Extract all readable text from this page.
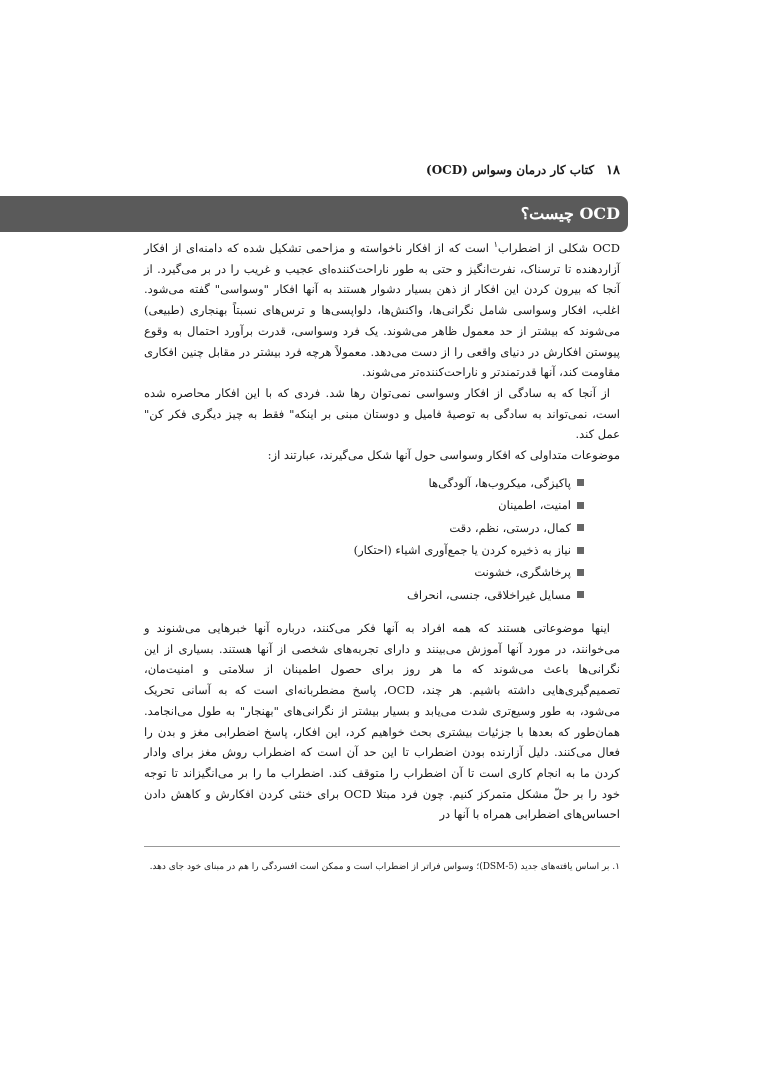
۱۸
کتاب کار درمان وسواس (OCD)
OCD چیست؟

OCD شکلی از اضطراب$^۱$ است که از افکار ناخواسته و مزاحمی تشکیل شده که دامنه‌ای از افکار آزاردهنده تا ترسناک، نفرت‌انگیز و حتی به طور ناراحت‌کننده‌ای عجیب و غریب را در بر می‌گیرد. از آنجا که بیرون کردن این افکار از ذهن بسیار دشوار هستند به آنها افکار "وسواسی" گفته می‌شود. اغلب، افکار وسواسی شامل نگرانی‌ها، واکنش‌ها، دلواپسی‌ها و ترس‌های نسبتاً بهنجاری (طبیعی) می‌شوند که بیشتر از حد معمول ظاهر می‌شوند. یک فرد وسواسی، قدرت برآورد احتمال به وقوع پیوستن افکارش در دنیای واقعی را از دست می‌دهد. معمولاً هرچه فرد بیشتر در مقابل چنین افکاری مقاومت کند، آنها قدرتمندتر و ناراحت‌کننده‌تر می‌شوند.

از آنجا که به سادگی از افکار وسواسی نمی‌توان رها شد. فردی که با این افکار محاصره شده است، نمی‌تواند به سادگی به توصیهٔ فامیل و دوستان مبنی بر اینکه" فقط به چیز دیگری فکر کن" عمل کند.

موضوعات متداولی که افکار وسواسی حول آنها شکل می‌گیرند، عبارتند از:

پاکیزگی، میکروب‌ها، آلودگی‌ها
امنیت، اطمینان
کمال، درستی، نظم، دقت
نیاز به ذخیره کردن یا جمع‌آوری اشیاء (احتکار)
پرخاشگری، خشونت
مسایل غیراخلاقی، جنسی، انحراف

اینها موضوعاتی هستند که همه افراد به آنها فکر می‌کنند، درباره آنها خبرهایی می‌شنوند و می‌خوانند، در مورد آنها آموزش می‌بینند و دارای تجربه‌های شخصی از آنها هستند. بسیاری از این نگرانی‌ها باعث می‌شوند که ما هر روز برای حصول اطمینان از سلامتی و امنیت‌مان، تصمیم‌گیری‌هایی داشته باشیم. هر چند، OCD، پاسخ مضطربانه‌ای است که به آسانی تحریک می‌شود، به طور وسیع‌تری شدت می‌یابد و بسیار بیشتر از نگرانی‌های "بهنجار" به طول می‌انجامد. همان‌طور که بعدها با جزئیات بیشتری بحث خواهیم کرد، این افکار، پاسخ اضطرابی مغز و بدن را فعال می‌کنند. دلیل آزارنده بودن اضطراب تا این حد آن است که اضطراب روش مغز برای وادار کردن ما به انجام کاری است تا آن اضطراب را متوقف کند. اضطراب ما را بر می‌انگیزاند تا توجه خود را بر حلّ مشکل متمرکز کنیم. چون فرد مبتلا OCD برای خنثی کردن افکارش و کاهش دادن احساس‌های اضطرابی همراه با آنها در

۱. بر اساس یافته‌های جدید (DSM-5)؛ وسواس فراتر از اضطراب است و ممکن است افسردگی را هم در مبنای خود جای دهد.
